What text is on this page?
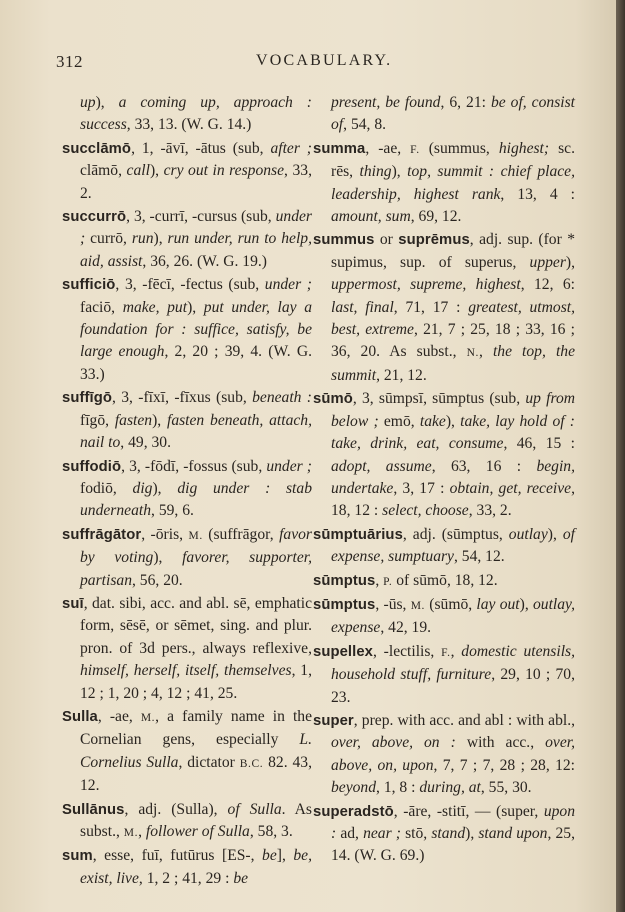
312	VOCABULARY.

up), a coming up, approach : success, 33, 13. (W. G. 14.)

succlāmō, 1, -āvī, -ātus (sub, after ; clāmō, call), cry out in response, 33, 2.

succurrō, 3, -currī, -cursus (sub, under ; currō, run), run under, run to help, aid, assist, 36, 26. (W. G. 19.)

sufficiō, 3, -fēcī, -fectus (sub, under ; faciō, make, put), put under, lay a foundation for : suffice, satisfy, be large enough, 2, 20 ; 39, 4. (W. G. 33.)

suffīgō, 3, -fīxī, -fīxus (sub, beneath : fīgō, fasten), fasten beneath, attach, nail to, 49, 30.

suffodiō, 3, -fōdī, -fossus (sub, under ; fodiō, dig), dig under : stab underneath, 59, 6.

suffrāgātor, -ōris, M. (suffrāgor, favor by voting), favorer, supporter, partisan, 56, 20.

suī, dat. sibi, acc. and abl. sē, emphatic form, sēsē, or sēmet, sing. and plur. pron. of 3d pers., always reflexive, himself, herself, itself, themselves, 1, 12 ; 1, 20 ; 4, 12 ; 41, 25.

Sulla, -ae, M., a family name in the Cornelian gens, especially L. Cornelius Sulla, dictator B.C. 82. 43, 12.

Sullānus, adj. (Sulla), of Sulla. As subst., M., follower of Sulla, 58, 3.

sum, esse, fuī, futūrus [ES-, be], be, exist, live, 1, 2 ; 41, 29 : be

present, be found, 6, 21: be of, consist of, 54, 8.

summa, -ae, F. (summus, highest; sc. rēs, thing), top, summit : chief place, leadership, highest rank, 13, 4 : amount, sum, 69, 12.

summus or suprēmus, adj. sup. (for * supimus, sup. of superus, upper), uppermost, supreme, highest, 12, 6: last, final, 71, 17 : greatest, utmost, best, extreme, 21, 7 ; 25, 18 ; 33, 16 ; 36, 20. As subst., N., the top, the summit, 21, 12.

sūmō, 3, sūmpsī, sūmptus (sub, up from below ; emō, take), take, lay hold of : take, drink, eat, consume, 46, 15 : adopt, assume, 63, 16 : begin, undertake, 3, 17 : obtain, get, receive, 18, 12 : select, choose, 33, 2.

sūmptuārius, adj. (sūmptus, outlay), of expense, sumptuary, 54, 12.

sūmptus, P. of sūmō, 18, 12.

sūmptus, -ūs, M. (sūmō, lay out), outlay, expense, 42, 19.

supellex, -lectilis, F., domestic utensils, household stuff, furniture, 29, 10 ; 70, 23.

super, prep. with acc. and abl : with abl., over, above, on : with acc., over, above, on, upon, 7, 7 ; 7, 28 ; 28, 12: beyond, 1, 8 : during, at, 55, 30.

superadstō, -āre, -stitī, — (super, upon : ad, near ; stō, stand), stand upon, 25, 14. (W. G. 69.)
